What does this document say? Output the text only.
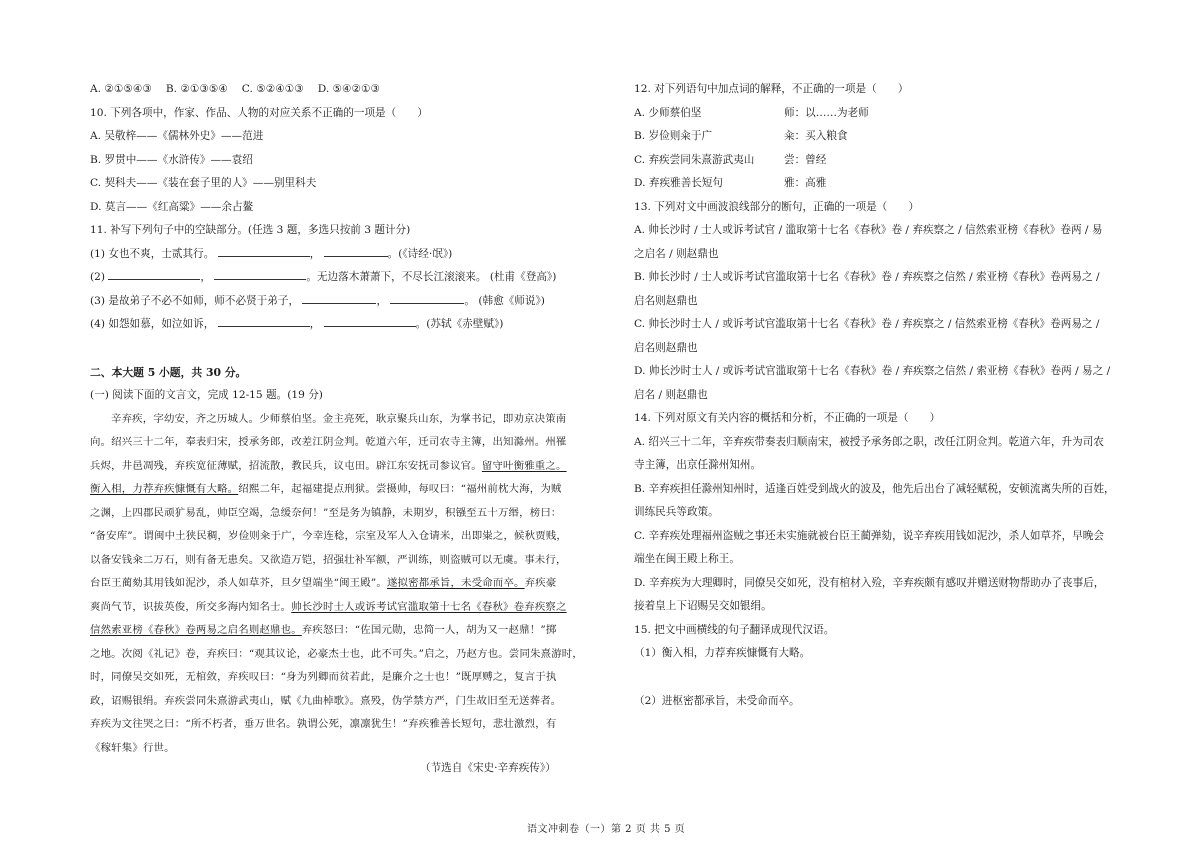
A. ②①⑤④③　 B. ②①③⑤④　 C. ⑤②④①③　 D. ⑤④②①③
10. 下列各项中，作家、作品、人物的对应关系不正确的一项是（　　）
A. 吴敬梓——《儒林外史》——范进
B. 罗贯中——《水浒传》——袁绍
C. 契科夫——《装在套子里的人》——别里科夫
D. 莫言——《红高粱》——余占鳌
11. 补写下列句子中的空缺部分。(任选 3 题，多选只按前 3 题计分)
(1) 女也不爽，士贰其行。	，	。(《诗经·氓》)
(2)	，	。无边落木萧萧下，不尽长江滚滚来。 (杜甫《登高》)
(3) 是故弟子不必不如师，师不必贤于弟子，	，	。 (韩愈《师说》)
(4) 如怨如慕，如泣如诉，	，	。(苏轼《赤壁赋》)
二、本大题 5 小题，共 30 分。
(一) 阅读下面的文言文，完成 12-15 题。(19 分)
辛弃疾，字幼安，齐之历城人。少师蔡伯坚。金主亮死，耿京聚兵山东，为掌书记，即劝京决策南
向。绍兴三十二年，奉表归宋，授承务郎，改差江阴佥判。乾道六年，迁司农寺主簿，出知滁州。州罹
兵烬，井邑凋残，弃疾宽征薄赋，招流散，教民兵，议屯田。辟江东安抚司参议官。留守叶衡雅重之。
衡入相，力荐弃疾慷慨有大略。绍熙二年，起福建提点刑狱。尝摄帅，每叹曰：“福州前枕大海，为贼
之渊，上四郡民顽犷易乱，帅臣空竭，急缓奈何！”至是务为镇静，未期岁，积镪至五十万缗，榜曰：
“备安库”。谓闽中土狭民稠，岁俭则籴于广，今幸连稔，宗室及军人入仓请米，出即粜之，候秋贾贱，
以备安钱籴二万石，则有备无患矣。又欲造万铠，招强壮补军额，严训练，则盗贼可以无虞。事未行，
台臣王蔺劾其用钱如泥沙，杀人如草芥，旦夕望端坐“闽王殿”。遂拟密都承旨，未受命而卒。弃疾豪
爽尚气节，识拔英俊，所交多海内知名士。帅长沙时士人或诉考试官滥取第十七名《春秋》卷弃疾察之
信然索亚榜《春秋》卷两易之启名则赵鼎也。弃疾怒曰：“佐国元勋，忠简一人，胡为又一赵鼎！”掷
之地。次阅《礼记》卷，弃疾曰：“观其议论，必豪杰士也，此不可失。”启之，乃赵方也。尝同朱熹游时，
时，同僚吴交如死，无棺敛，弃疾叹曰：“身为列卿而贫若此，是廉介之士也！”既厚赙之，复言于执
政，诏赐银绢。弃疾尝同朱熹游武夷山，赋《九曲棹歌》。熹殁，伪学禁方严，门生故旧至无送葬者。
弃疾为文往哭之曰：“所不朽者，垂万世名。孰谓公死，凛凛犹生！”弃疾雅善长短句，悲壮激烈，有
《稼轩集》行世。
（节选自《宋史·辛弃疾传》）
12. 对下列语句中加点词的解释，不正确的一项是（　　）
A. 少师蔡伯坚	师：以……为老师
B. 岁俭则籴于广	籴：买入粮食
C. 弃疾尝同朱熹游武夷山	尝：曾经
D. 弃疾雅善长短句	雅：高雅
13. 下列对文中画波浪线部分的断句，正确的一项是（　　）
A. 帅长沙时 / 士人或诉考试官 / 滥取第十七名《春秋》卷 / 弃疾察之 / 信然索亚榜《春秋》卷两 / 易
之启名 / 则赵鼎也
B. 帅长沙时 / 士人或诉考试官滥取第十七名《春秋》卷 / 弃疾察之信然 / 索亚榜《春秋》卷两易之 /
启名则赵鼎也
C. 帅长沙时士人 / 或诉考试官滥取第十七名《春秋》卷 / 弃疾察之 / 信然索亚榜《春秋》卷两易之 /
启名则赵鼎也
D. 帅长沙时士人 / 或诉考试官滥取第十七名《春秋》卷 / 弃疾察之信然 / 索亚榜《春秋》卷两 / 易之 /
启名 / 则赵鼎也
14. 下列对原文有关内容的概括和分析，不正确的一项是（　　）
A. 绍兴三十二年，辛弃疾带奏表归顺南宋，被授予承务郎之职，改任江阴佥判。乾道六年，升为司农
寺主簿，出京任滁州知州。
B. 辛弃疾担任滁州知州时，适逢百姓受到战火的波及，他先后出台了减轻赋税，安顿流离失所的百姓，
训练民兵等政策。
C. 辛弃疾处理福州盗贼之事还未实施就被台臣王蔺弹劾，说辛弃疾用钱如泥沙，杀人如草芥，早晚会
端坐在闽王殿上称王。
D. 辛弃疾为大理卿时，同僚吴交如死，没有棺材入殓，辛弃疾颇有感叹并赠送财物帮助办了丧事后，
接着皇上下诏赐吴交如银绢。
15. 把文中画横线的句子翻译成现代汉语。
（1）衡入相，力荐弃疾慷慨有大略。
（2）进枢密都承旨，未受命而卒。
语文冲刺卷（一）第 2 页 共 5 页
